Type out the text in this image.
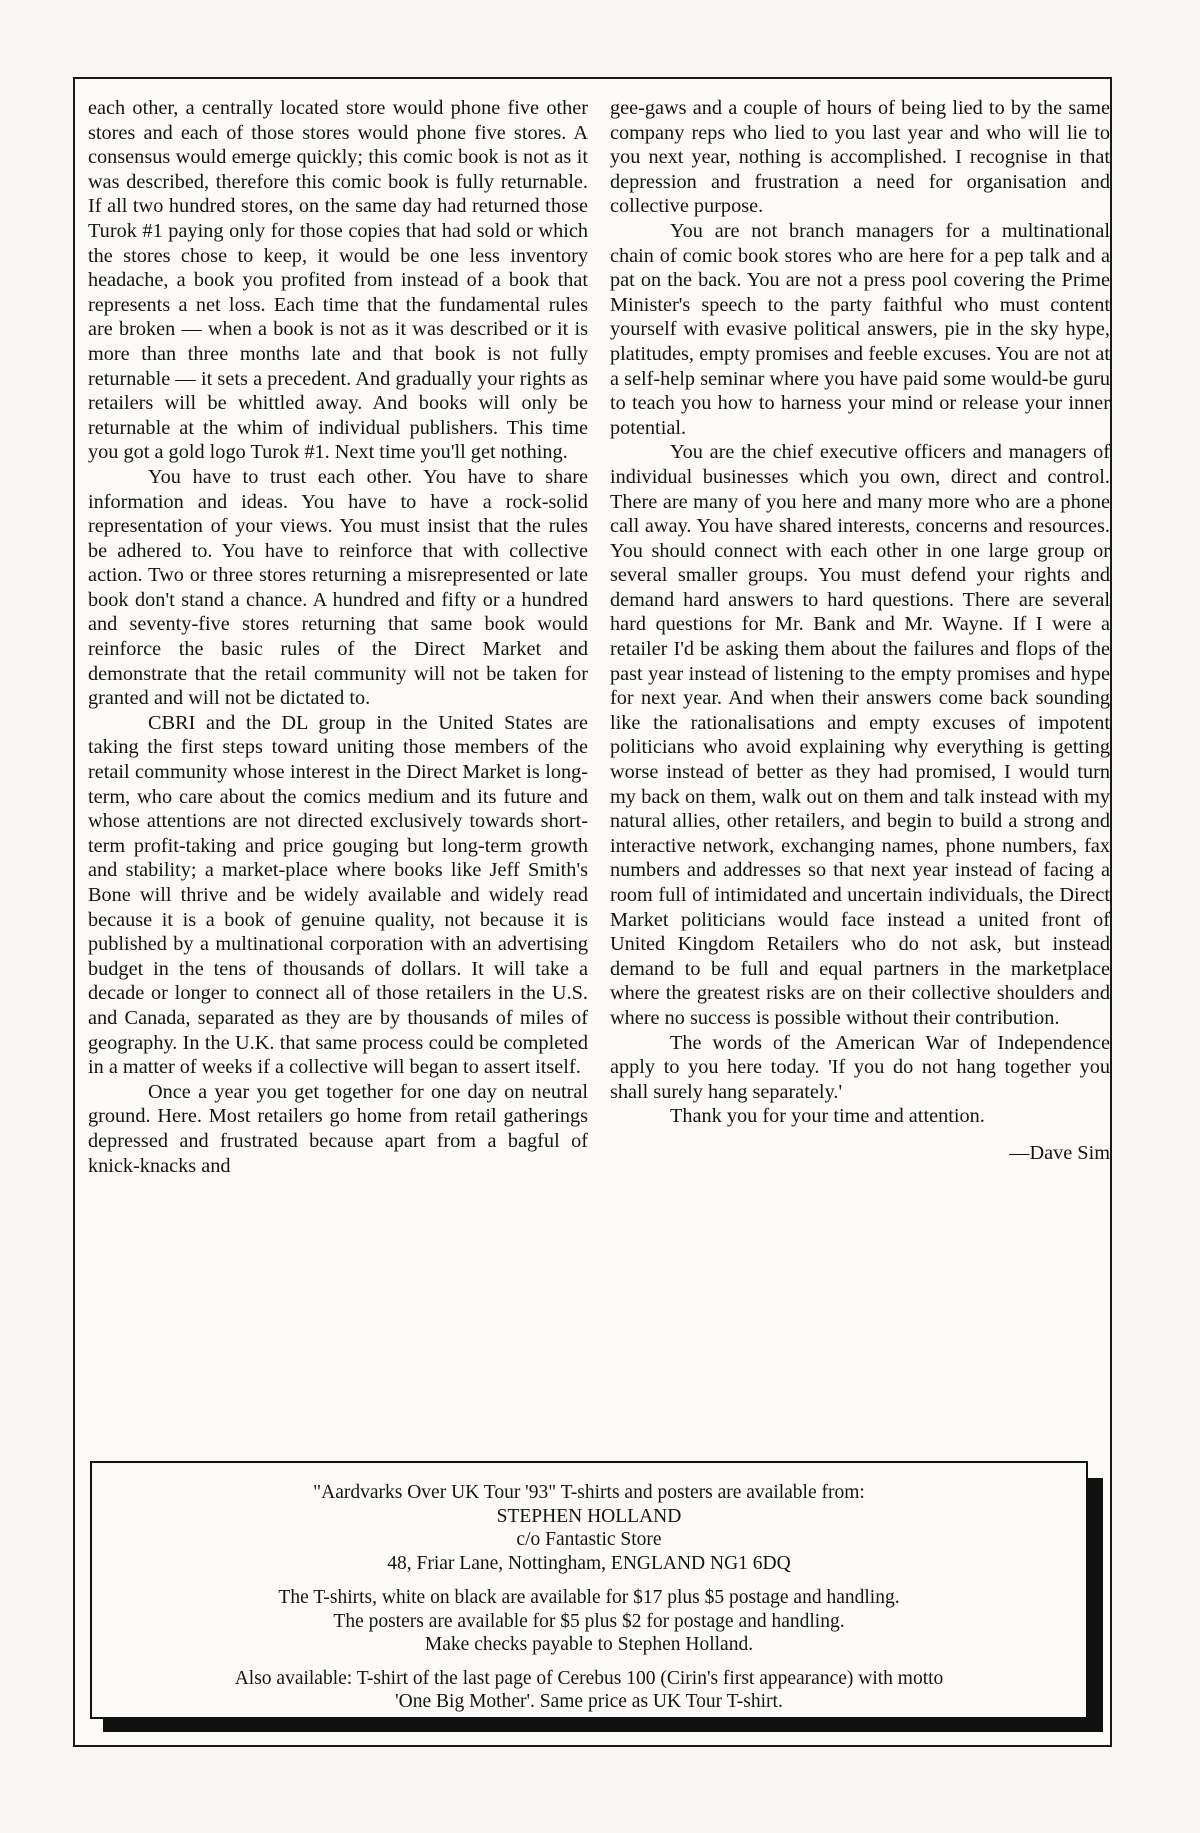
each other, a centrally located store would phone five other stores and each of those stores would phone five stores. A consensus would emerge quickly; this comic book is not as it was described, therefore this comic book is fully returnable. If all two hundred stores, on the same day had returned those Turok #1 paying only for those copies that had sold or which the stores chose to keep, it would be one less inventory headache, a book you profited from instead of a book that represents a net loss. Each time that the fundamental rules are broken — when a book is not as it was described or it is more than three months late and that book is not fully returnable — it sets a precedent. And gradually your rights as retailers will be whittled away. And books will only be returnable at the whim of individual publishers. This time you got a gold logo Turok #1. Next time you'll get nothing.

You have to trust each other. You have to share information and ideas. You have to have a rock-solid representation of your views. You must insist that the rules be adhered to. You have to reinforce that with collective action. Two or three stores returning a misrepresented or late book don't stand a chance. A hundred and fifty or a hundred and seventy-five stores returning that same book would reinforce the basic rules of the Direct Market and demonstrate that the retail community will not be taken for granted and will not be dictated to.

CBRI and the DL group in the United States are taking the first steps toward uniting those members of the retail community whose interest in the Direct Market is long-term, who care about the comics medium and its future and whose attentions are not directed exclusively towards short-term profit-taking and price gouging but long-term growth and stability; a market-place where books like Jeff Smith's Bone will thrive and be widely available and widely read because it is a book of genuine quality, not because it is published by a multinational corporation with an advertising budget in the tens of thousands of dollars. It will take a decade or longer to connect all of those retailers in the U.S. and Canada, separated as they are by thousands of miles of geography. In the U.K. that same process could be completed in a matter of weeks if a collective will began to assert itself.

Once a year you get together for one day on neutral ground. Here. Most retailers go home from retail gatherings depressed and frustrated because apart from a bagful of knick-knacks and

gee-gaws and a couple of hours of being lied to by the same company reps who lied to you last year and who will lie to you next year, nothing is accomplished. I recognise in that depression and frustration a need for organisation and collective purpose.

You are not branch managers for a multinational chain of comic book stores who are here for a pep talk and a pat on the back. You are not a press pool covering the Prime Minister's speech to the party faithful who must content yourself with evasive political answers, pie in the sky hype, platitudes, empty promises and feeble excuses. You are not at a self-help seminar where you have paid some would-be guru to teach you how to harness your mind or release your inner potential.

You are the chief executive officers and managers of individual businesses which you own, direct and control. There are many of you here and many more who are a phone call away. You have shared interests, concerns and resources. You should connect with each other in one large group or several smaller groups. You must defend your rights and demand hard answers to hard questions. There are several hard questions for Mr. Bank and Mr. Wayne. If I were a retailer I'd be asking them about the failures and flops of the past year instead of listening to the empty promises and hype for next year. And when their answers come back sounding like the rationalisations and empty excuses of impotent politicians who avoid explaining why everything is getting worse instead of better as they had promised, I would turn my back on them, walk out on them and talk instead with my natural allies, other retailers, and begin to build a strong and interactive network, exchanging names, phone numbers, fax numbers and addresses so that next year instead of facing a room full of intimidated and uncertain individuals, the Direct Market politicians would face instead a united front of United Kingdom Retailers who do not ask, but instead demand to be full and equal partners in the marketplace where the greatest risks are on their collective shoulders and where no success is possible without their contribution.

The words of the American War of Independence apply to you here today. 'If you do not hang together you shall surely hang separately.'

Thank you for your time and attention.

—Dave Sim

"Aardvarks Over UK Tour '93" T-shirts and posters are available from:
STEPHEN HOLLAND
c/o Fantastic Store
48, Friar Lane, Nottingham, ENGLAND NG1 6DQ
The T-shirts, white on black are available for $17 plus $5 postage and handling.
The posters are available for $5 plus $2 for postage and handling.
Make checks payable to Stephen Holland.
Also available: T-shirt of the last page of Cerebus 100 (Cirin's first appearance) with motto
'One Big Mother'. Same price as UK Tour T-shirt.
